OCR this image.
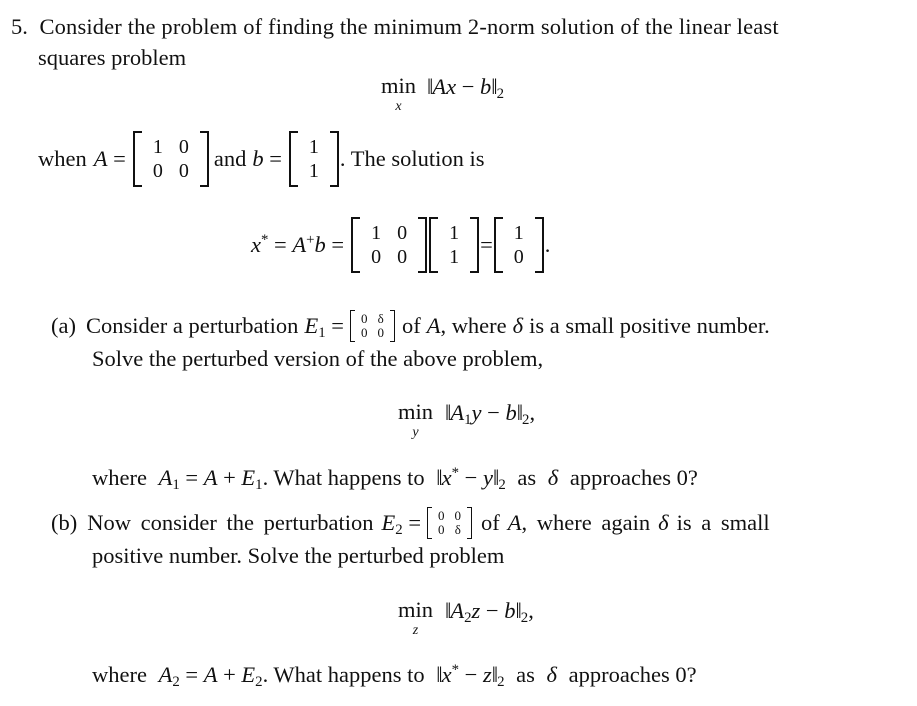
5. Consider the problem of finding the minimum 2-norm solution of the linear least
squares problem
min
x
‖Ax − $b‖_2$
when A = 1	0
0	0
and b = 1
1
. The solution is
x* = A+b = 1	0
0	0
1
1
= 1
0
.
(a) Consider a perturbation $E_1 = 0$	δ
0	0 of A , where δ is a small positive number.
Solve the perturbed version of the above problem,
min
y
$‖A_1y$ − $b‖_2$,
where $A_1 = A + E_1$. What happens to ‖x* − $y‖_2$ as δ approaches 0?
(b) Now consider the perturbation $E_2 = 0$	0
0	δ of A , where again δ is a small
positive number. Solve the perturbed problem
min
z
$‖A_2z$ − $b‖_2$,
where $A_2 = A + E_2$. What happens to ‖x* − $z‖_2$ as δ approaches 0?
